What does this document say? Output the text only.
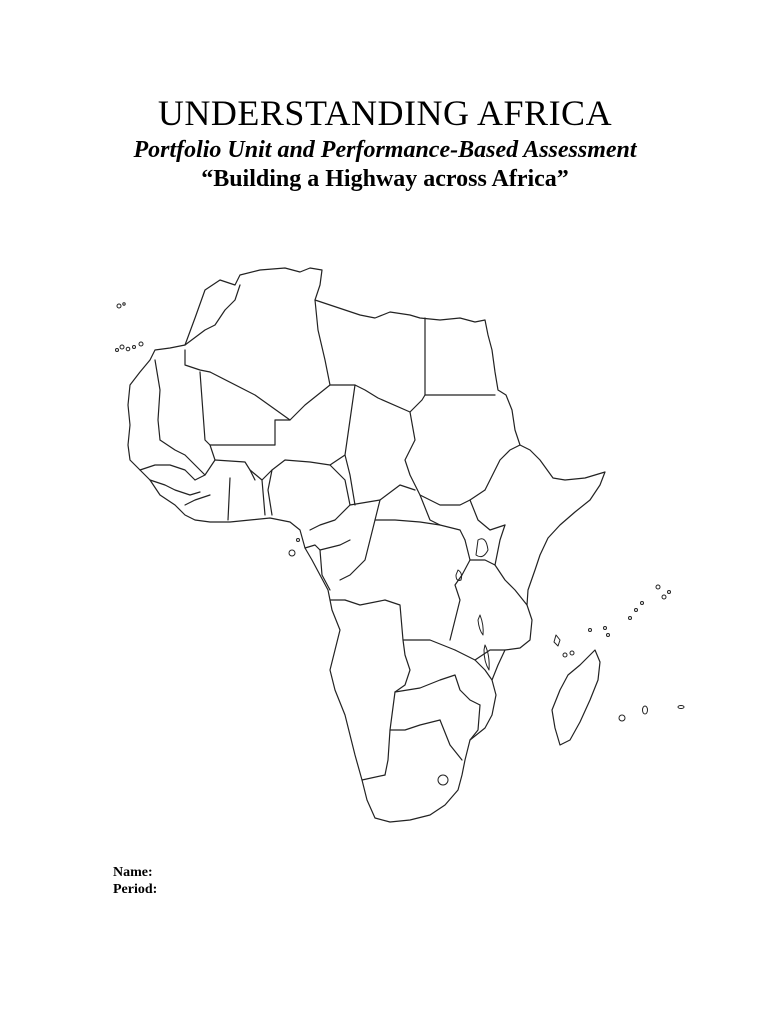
UNDERSTANDING AFRICA
Portfolio Unit and Performance-Based Assessment
“Building a Highway across Africa”
Name:
Period:
